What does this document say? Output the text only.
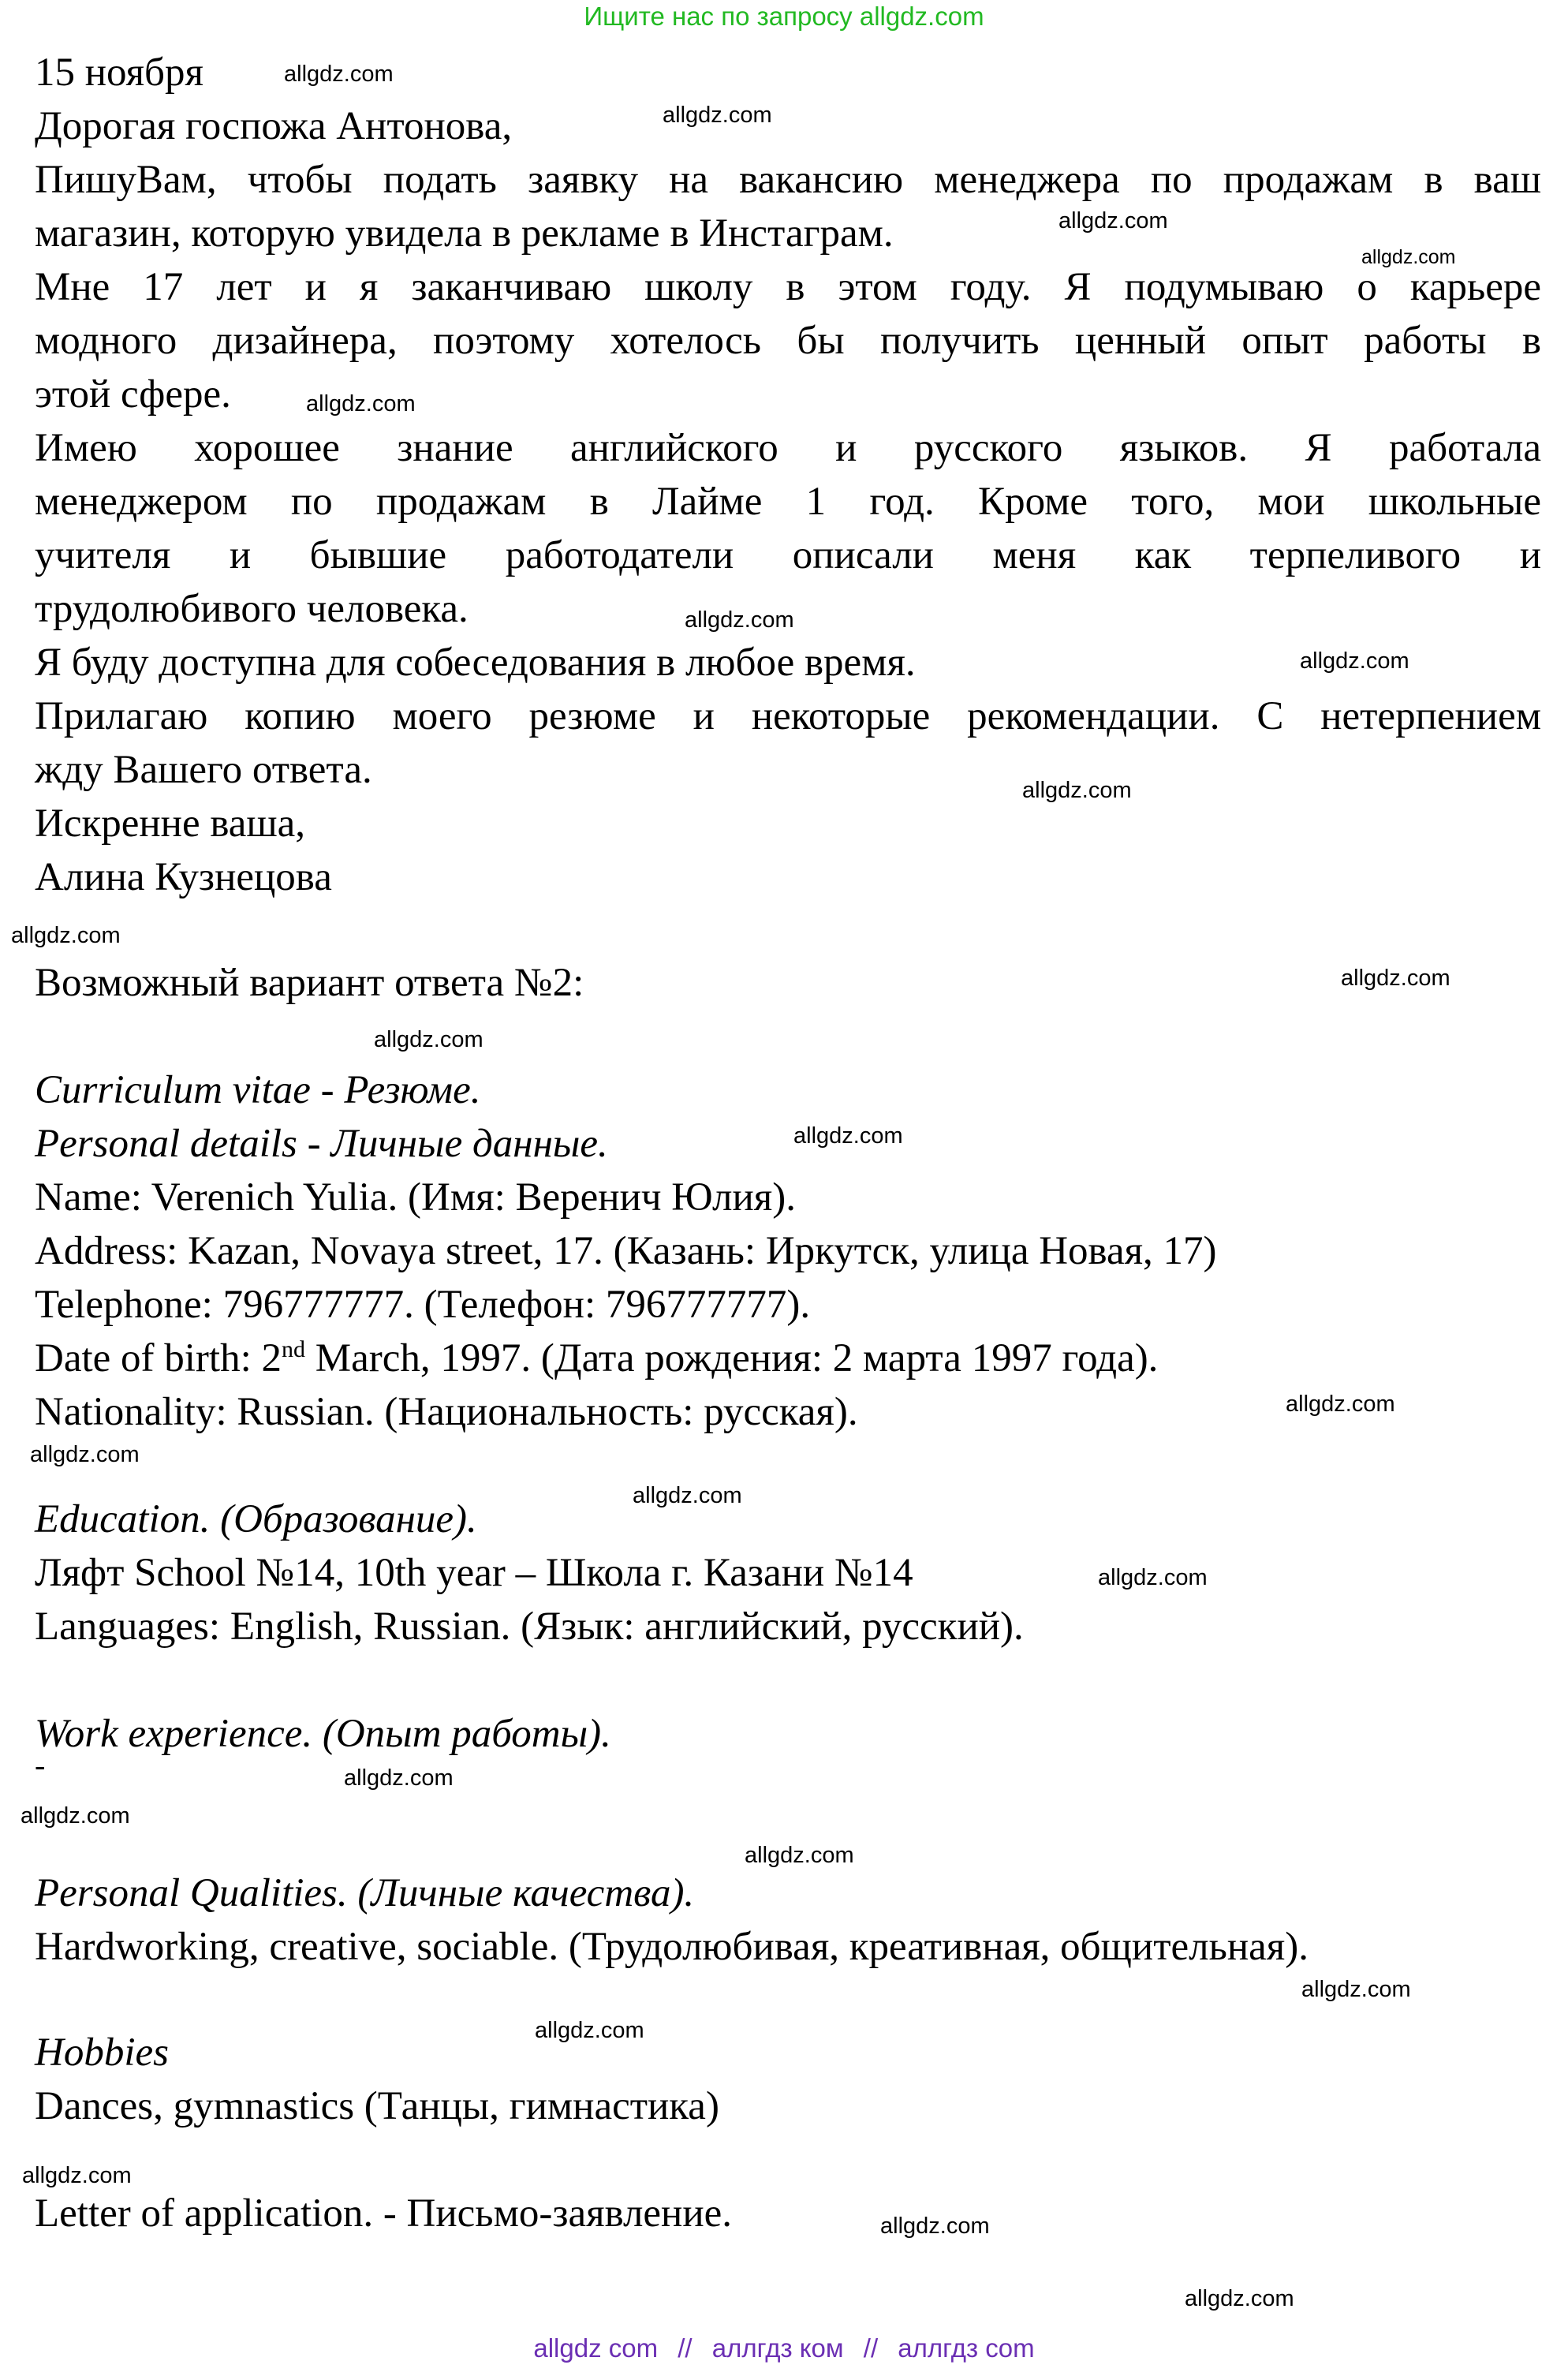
Ищите нас по запросу allgdz.com
15 ноября
Дорогая госпожа Антонова,
ПишуВам, чтобы подать заявку на вакансию менеджера по продажам в ваш
магазин, которую увидела в рекламе в Инстаграм.
Мне 17 лет и я заканчиваю школу в этом году. Я подумываю о карьере
модного дизайнера, поэтому хотелось бы получить ценный опыт работы в
этой сфере.
Имею хорошее знание английского и русского языков. Я работала
менеджером по продажам в Лайме 1 год. Кроме того, мои школьные
учителя и бывшие работодатели описали меня как терпеливого и
трудолюбивого человека.
Я буду доступна для собеседования в любое время.
Прилагаю копию моего резюме и некоторые рекомендации. С нетерпением
жду Вашего ответа.
Искренне ваша,
Алина Кузнецова
Возможный вариант ответа №2:
Curriculum vitae - Резюме.
Personal details - Личные данные.
Name: Verenich Yulia. (Имя: Веренич Юлия).
Address: Kazan, Novaya street, 17. (Казань: Иркутск, улица Новая, 17)
Telephone: 796777777. (Телефон: 796777777).
Date of birth: 2nd March, 1997. (Дата рождения: 2 марта 1997 года).
Nationality: Russian. (Национальность: русская).
Education. (Образование).
Ляфт School №14, 10th year – Школа г. Казани №14
Languages: English, Russian. (Язык: английский, русский).
Work experience. (Опыт работы).
-
Personal Qualities. (Личные качества).
Hardworking, creative, sociable. (Трудолюбивая, креативная, общительная).
Hobbies
Dances, gymnastics (Танцы, гимнастика)
Letter of application. - Письмо-заявление.
allgdz.com
allgdz.com
allgdz.com
allgdz.com
allgdz.com
allgdz.com
allgdz.com
allgdz.com
allgdz.com
allgdz.com
allgdz.com
allgdz.com
allgdz.com
allgdz.com
allgdz.com
allgdz.com
allgdz.com
allgdz.com
allgdz.com
allgdz.com
allgdz.com
allgdz.com
allgdz.com
allgdz.com
allgdz com // аллгдз ком // аллгдз com
